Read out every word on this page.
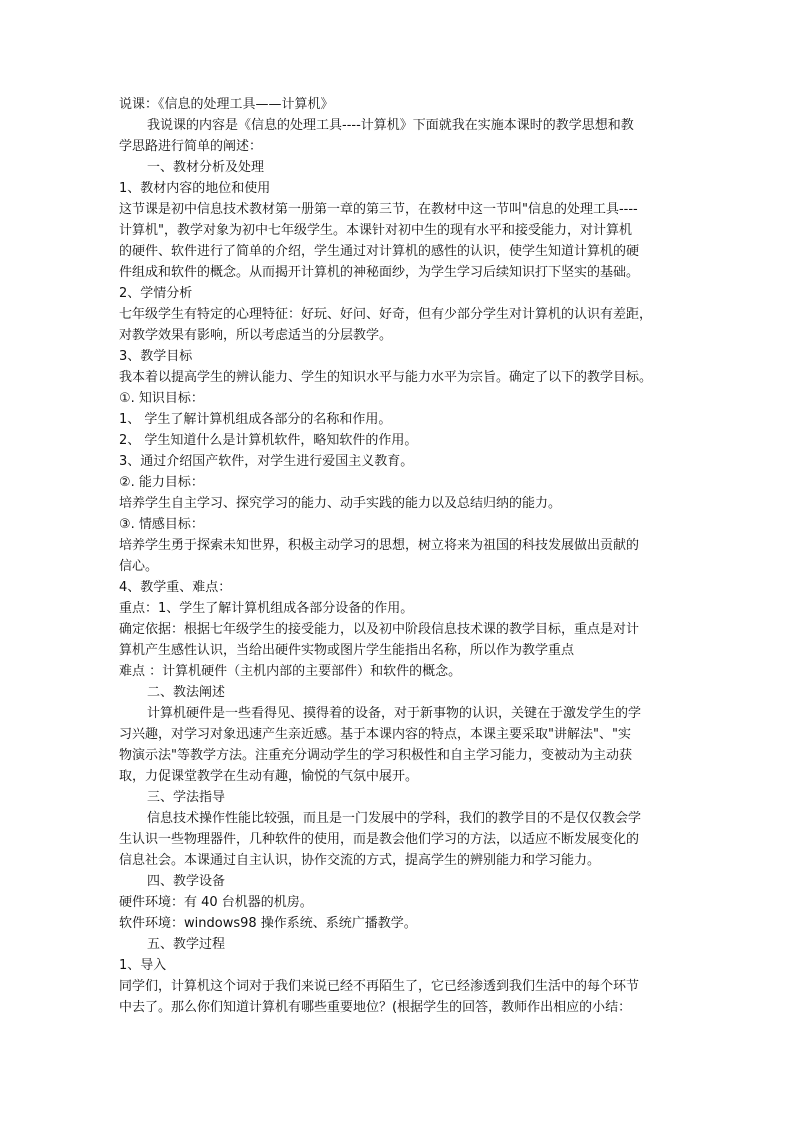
说课：《信息的处理工具——计算机》
我说课的内容是《信息的处理工具----计算机》下面就我在实施本课时的教学思想和教
学思路进行简单的阐述：
一、教材分析及处理
1、教材内容的地位和使用
这节课是初中信息技术教材第一册第一章的第三节，在教材中这一节叫"信息的处理工具----
计算机"，教学对象为初中七年级学生。本课针对初中生的现有水平和接受能力，对计算机
的硬件、软件进行了简单的介绍，学生通过对计算机的感性的认识，使学生知道计算机的硬
件组成和软件的概念。从而揭开计算机的神秘面纱，为学生学习后续知识打下坚实的基础。
2、学情分析
七年级学生有特定的心理特征：好玩、好问、好奇，但有少部分学生对计算机的认识有差距，
对教学效果有影响，所以考虑适当的分层教学。
3、教学目标
我本着以提高学生的辨认能力、学生的知识水平与能力水平为宗旨。确定了以下的教学目标。
①. 知识目标：
1、 学生了解计算机组成各部分的名称和作用。
2、 学生知道什么是计算机软件，略知软件的作用。
3、通过介绍国产软件，对学生进行爱国主义教育。
②. 能力目标：
培养学生自主学习、探究学习的能力、动手实践的能力以及总结归纳的能力。
③. 情感目标：
培养学生勇于探索未知世界，积极主动学习的思想，树立将来为祖国的科技发展做出贡献的
信心。
4、教学重、难点：
重点：1、学生了解计算机组成各部分设备的作用。
确定依据：根据七年级学生的接受能力，以及初中阶段信息技术课的教学目标，重点是对计
算机产生感性认识，当给出硬件实物或图片学生能指出名称，所以作为教学重点
难点 ：计算机硬件（主机内部的主要部件）和软件的概念。
二、教法阐述
计算机硬件是一些看得见、摸得着的设备，对于新事物的认识，关键在于激发学生的学
习兴趣，对学习对象迅速产生亲近感。基于本课内容的特点，本课主要采取"讲解法"、"实
物演示法"等教学方法。注重充分调动学生的学习积极性和自主学习能力，变被动为主动获
取，力促课堂教学在生动有趣，愉悦的气氛中展开。
三、学法指导
信息技术操作性能比较强，而且是一门发展中的学科，我们的教学目的不是仅仅教会学
生认识一些物理器件，几种软件的使用，而是教会他们学习的方法，以适应不断发展变化的
信息社会。本课通过自主认识，协作交流的方式，提高学生的辨别能力和学习能力。
四、教学设备
硬件环境：有 40 台机器的机房。
软件环境：windows98 操作系统、系统广播教学。
五、教学过程
1、导入
同学们，计算机这个词对于我们来说已经不再陌生了，它已经渗透到我们生活中的每个环节
中去了。那么你们知道计算机有哪些重要地位？(根据学生的回答，教师作出相应的小结：
